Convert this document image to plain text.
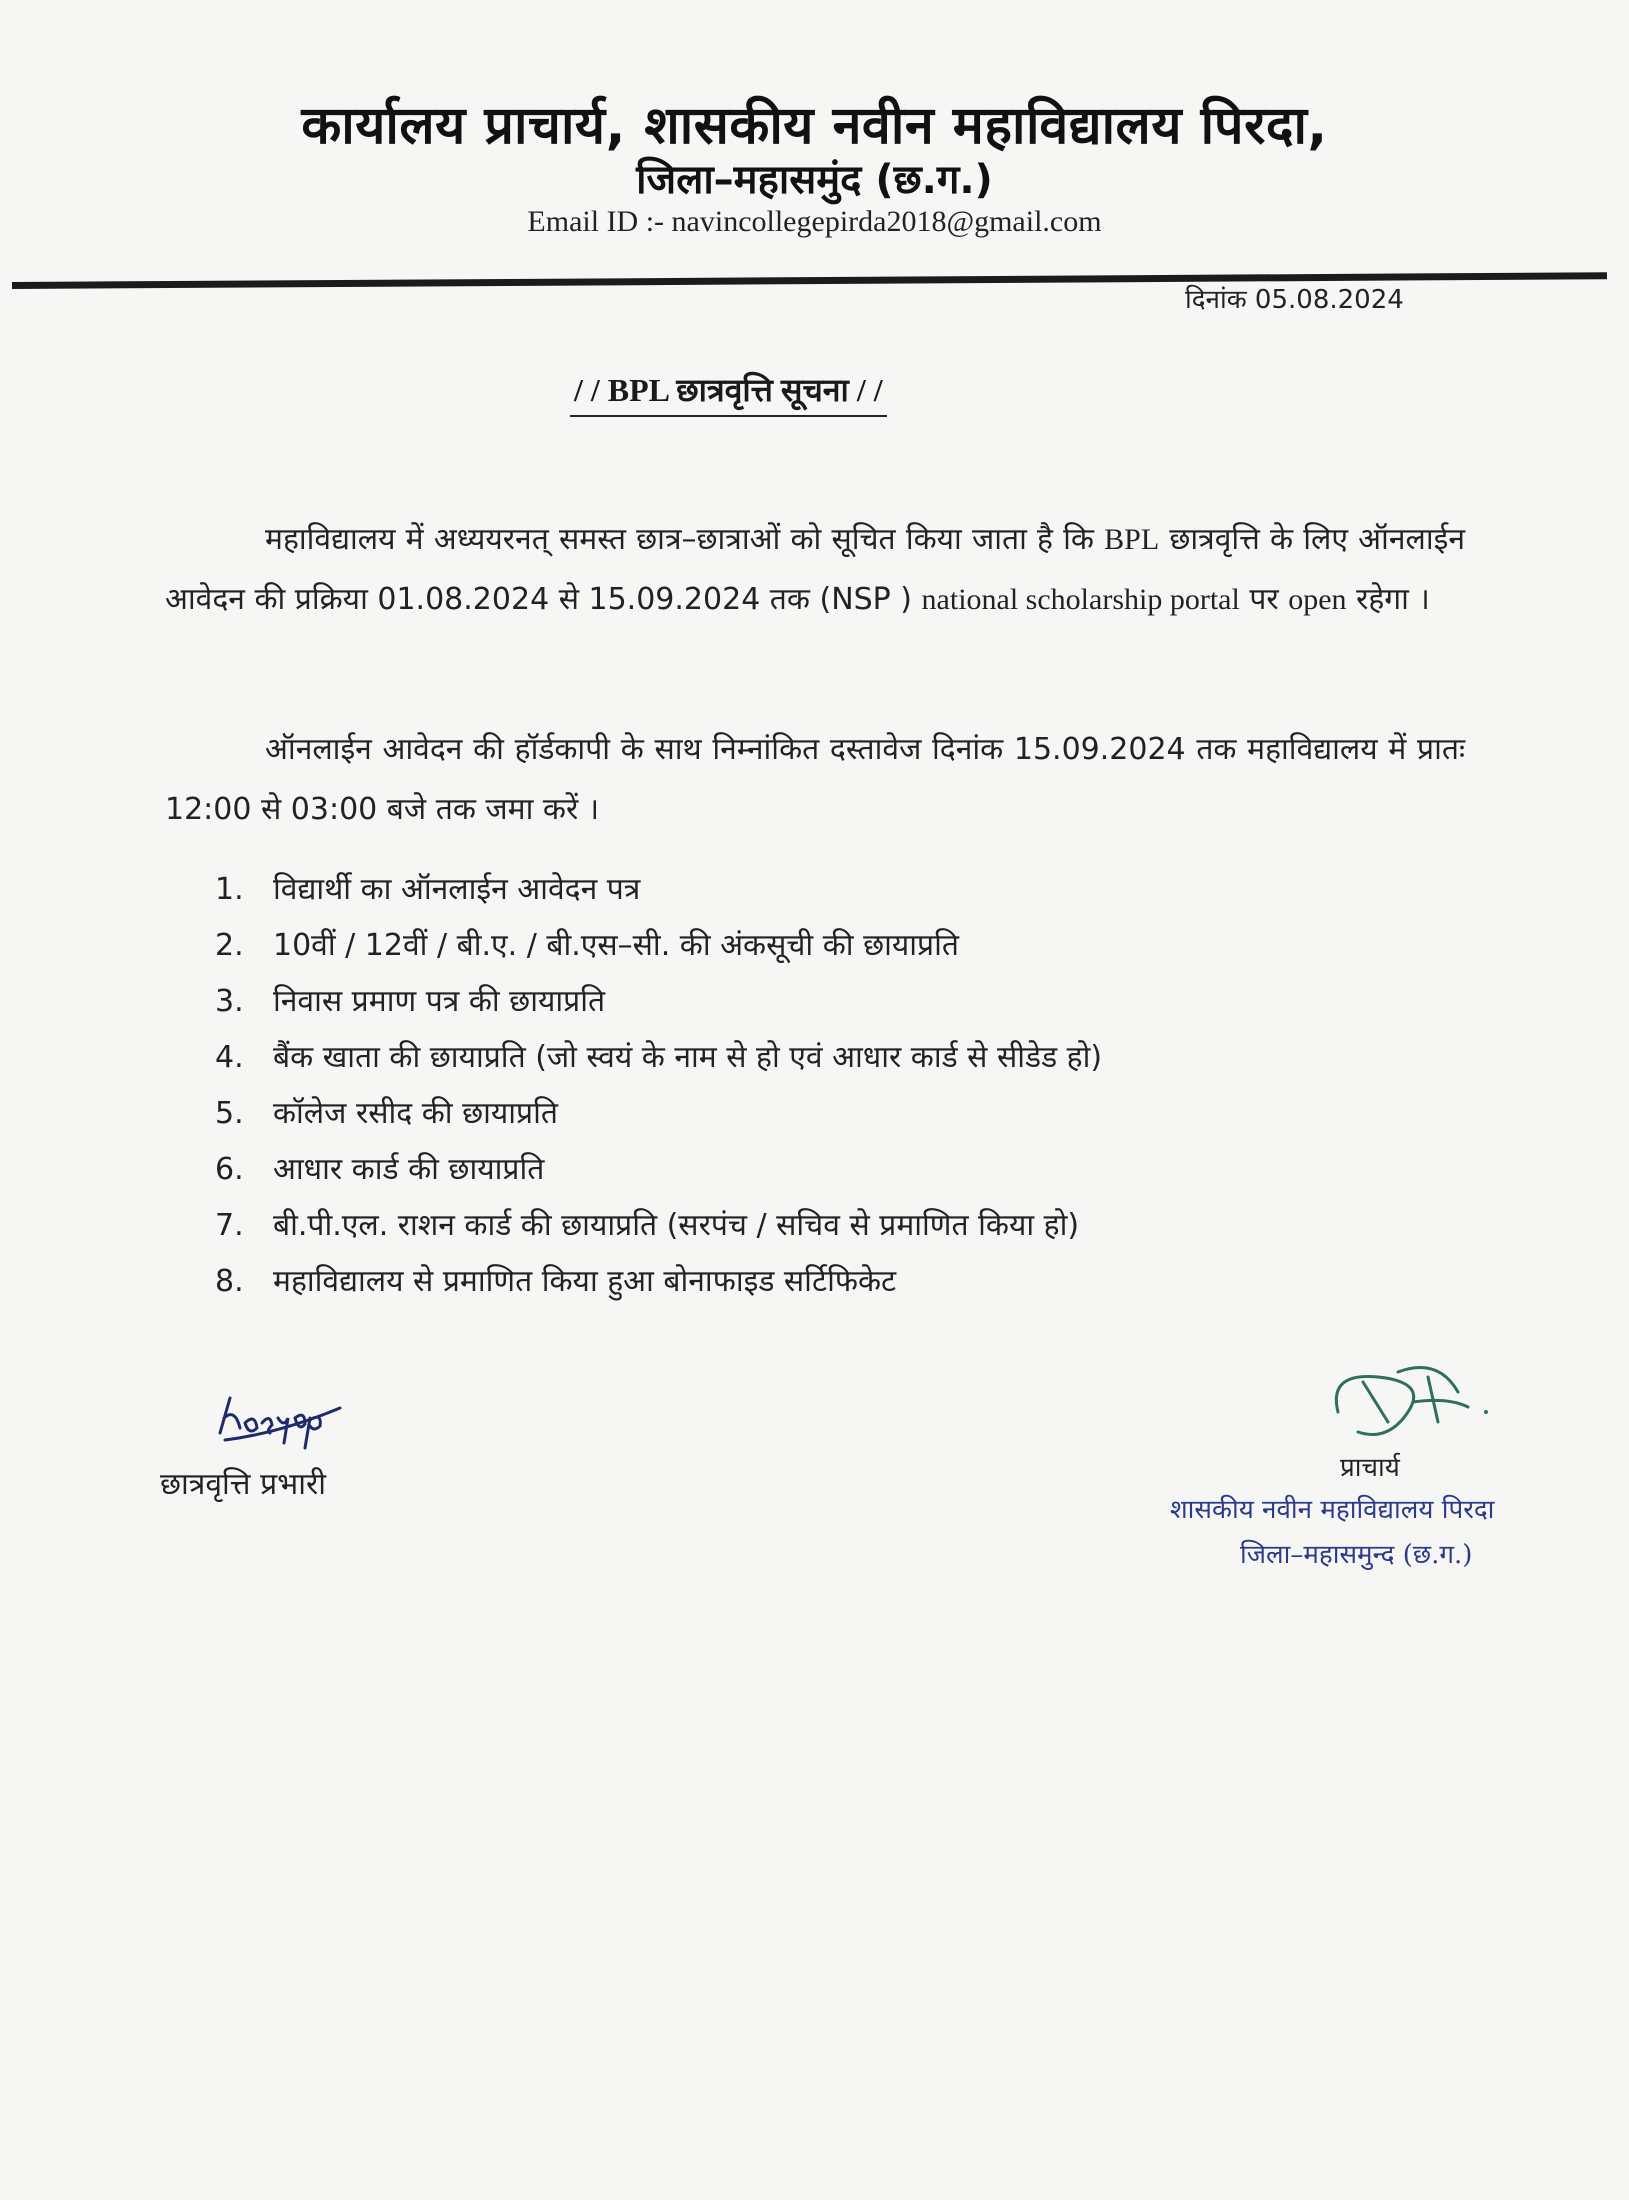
कार्यालय प्राचार्य, शासकीय नवीन महाविद्यालय पिरदा,
जिला–महासमुंद (छ.ग.)
Email ID :- navincollegepirda2018@gmail.com
दिनांक 05.08.2024
/ / BPL छात्रवृत्ति सूचना / /
महाविद्यालय में अध्ययरनत् समस्त छात्र–छात्राओं को सूचित किया जाता है कि BPL छात्रवृत्ति के लिए ऑनलाईन आवेदन की प्रक्रिया 01.08.2024 से 15.09.2024 तक (NSP ) national scholarship portal पर open रहेगा ।
ऑनलाईन आवेदन की हॉर्डकापी के साथ निम्नांकित दस्तावेज दिनांक 15.09.2024 तक महाविद्यालय में प्रातः 12:00 से 03:00 बजे तक जमा करें ।
1. विद्यार्थी का ऑनलाईन आवेदन पत्र
2. 10वीं / 12वीं / बी.ए. / बी.एस–सी. की अंकसूची की छायाप्रति
3. निवास प्रमाण पत्र की छायाप्रति
4. बैंक खाता की छायाप्रति (जो स्वयं के नाम से हो एवं आधार कार्ड से सीडेड हो)
5. कॉलेज रसीद की छायाप्रति
6. आधार कार्ड की छायाप्रति
7. बी.पी.एल. राशन कार्ड की छायाप्रति (सरपंच / सचिव से प्रमाणित किया हो)
8. महाविद्यालय से प्रमाणित किया हुआ बोनाफाइड सर्टिफिकेट
छात्रवृत्ति प्रभारी	प्राचार्य
शासकीय नवीन महाविद्यालय पिरदा
जिला–महासमुन्द (छ.ग.)
